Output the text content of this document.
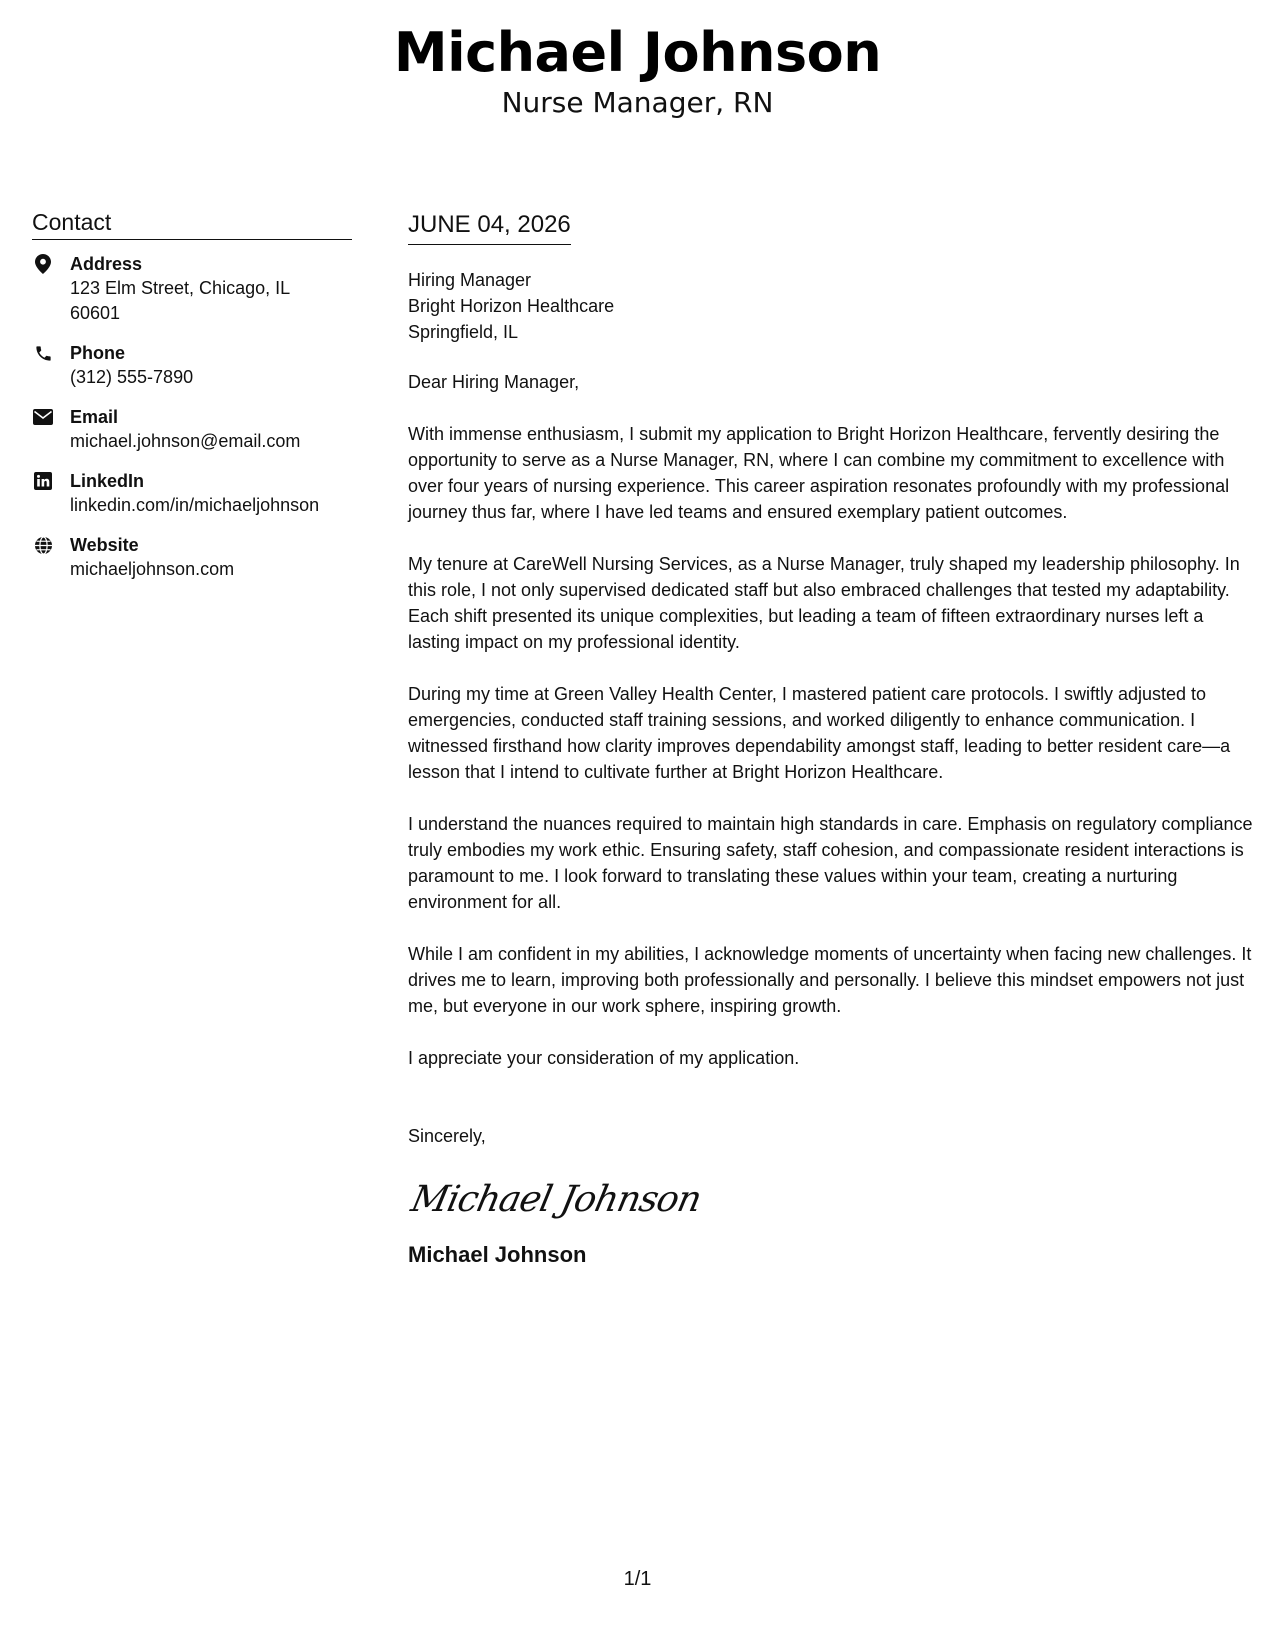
Michael Johnson
Nurse Manager, RN
Contact
Address
123 Elm Street, Chicago, IL
60601
Phone
(312) 555-7890
Email
michael.johnson@email.com
LinkedIn
linkedin.com/in/michaeljohnson
Website
michaeljohnson.com
JUNE 04, 2026
Hiring Manager
Bright Horizon Healthcare
Springfield, IL
Dear Hiring Manager,
With immense enthusiasm, I submit my application to Bright Horizon Healthcare, fervently desiring the opportunity to serve as a Nurse Manager, RN, where I can combine my commitment to excellence with over four years of nursing experience. This career aspiration resonates profoundly with my professional journey thus far, where I have led teams and ensured exemplary patient outcomes.
My tenure at CareWell Nursing Services, as a Nurse Manager, truly shaped my leadership philosophy. In this role, I not only supervised dedicated staff but also embraced challenges that tested my adaptability. Each shift presented its unique complexities, but leading a team of fifteen extraordinary nurses left a lasting impact on my professional identity.
During my time at Green Valley Health Center, I mastered patient care protocols. I swiftly adjusted to emergencies, conducted staff training sessions, and worked diligently to enhance communication. I witnessed firsthand how clarity improves dependability amongst staff, leading to better resident care—a lesson that I intend to cultivate further at Bright Horizon Healthcare.
I understand the nuances required to maintain high standards in care. Emphasis on regulatory compliance truly embodies my work ethic. Ensuring safety, staff cohesion, and compassionate resident interactions is paramount to me. I look forward to translating these values within your team, creating a nurturing environment for all.
While I am confident in my abilities, I acknowledge moments of uncertainty when facing new challenges. It drives me to learn, improving both professionally and personally. I believe this mindset empowers not just me, but everyone in our work sphere, inspiring growth.
I appreciate your consideration of my application.
Sincerely,
Michael Johnson
Michael Johnson
1/1
